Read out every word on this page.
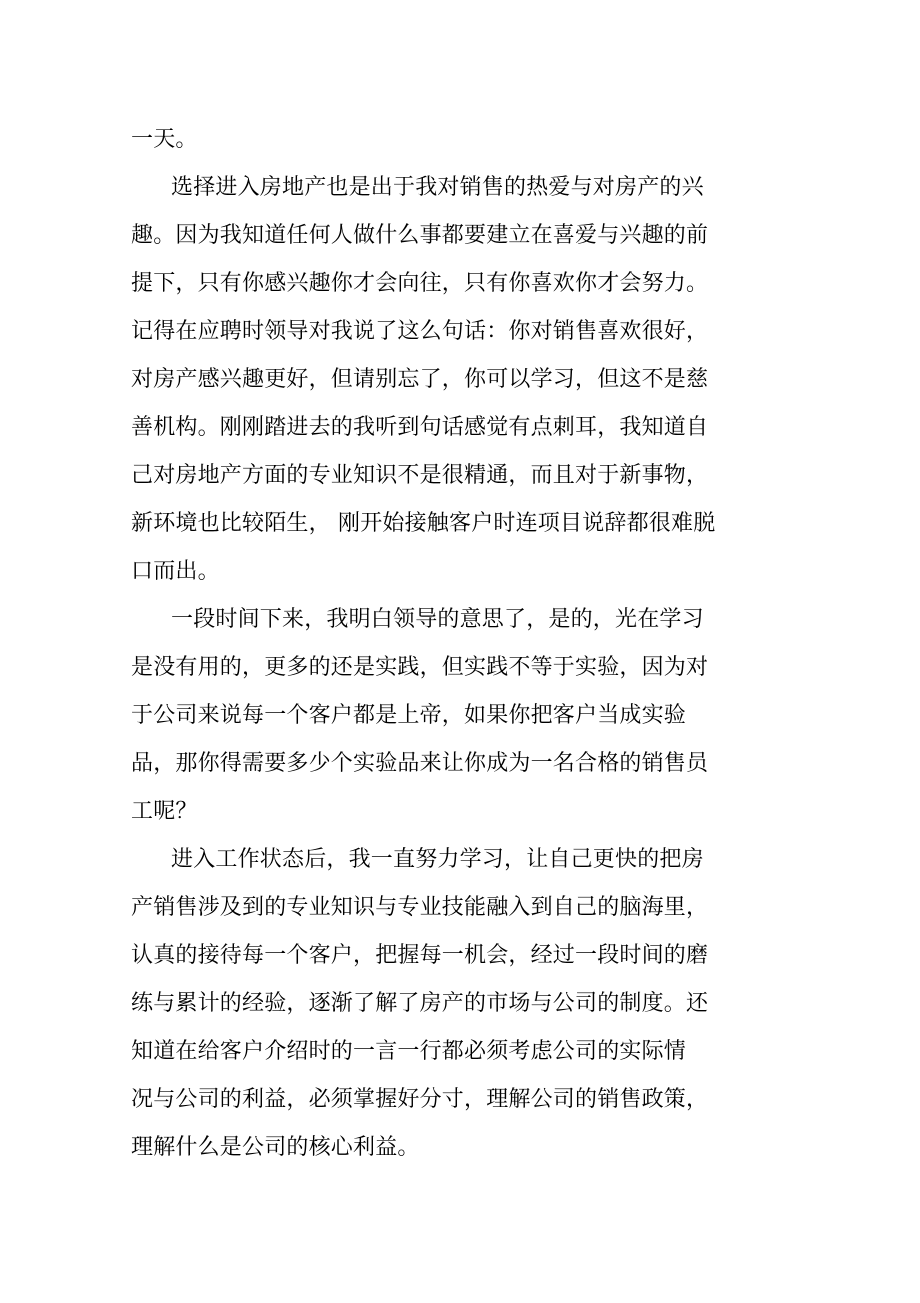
一天。
选择进入房地产也是出于我对销售的热爱与对房产的兴
趣。因为我知道任何人做什么事都要建立在喜爱与兴趣的前
提下，只有你感兴趣你才会向往，只有你喜欢你才会努力。
记得在应聘时领导对我说了这么句话：你对销售喜欢很好，
对房产感兴趣更好，但请别忘了，你可以学习，但这不是慈
善机构。刚刚踏进去的我听到句话感觉有点刺耳，我知道自
己对房地产方面的专业知识不是很精通，而且对于新事物，
新环境也比较陌生， 刚开始接触客户时连项目说辞都很难脱
口而出。
一段时间下来，我明白领导的意思了，是的，光在学习
是没有用的，更多的还是实践，但实践不等于实验，因为对
于公司来说每一个客户都是上帝，如果你把客户当成实验
品，那你得需要多少个实验品来让你成为一名合格的销售员
工呢？
进入工作状态后，我一直努力学习，让自己更快的把房
产销售涉及到的专业知识与专业技能融入到自己的脑海里，
认真的接待每一个客户，把握每一机会，经过一段时间的磨
练与累计的经验，逐渐了解了房产的市场与公司的制度。还
知道在给客户介绍时的一言一行都必须考虑公司的实际情
况与公司的利益，必须掌握好分寸，理解公司的销售政策，
理解什么是公司的核心利益。
